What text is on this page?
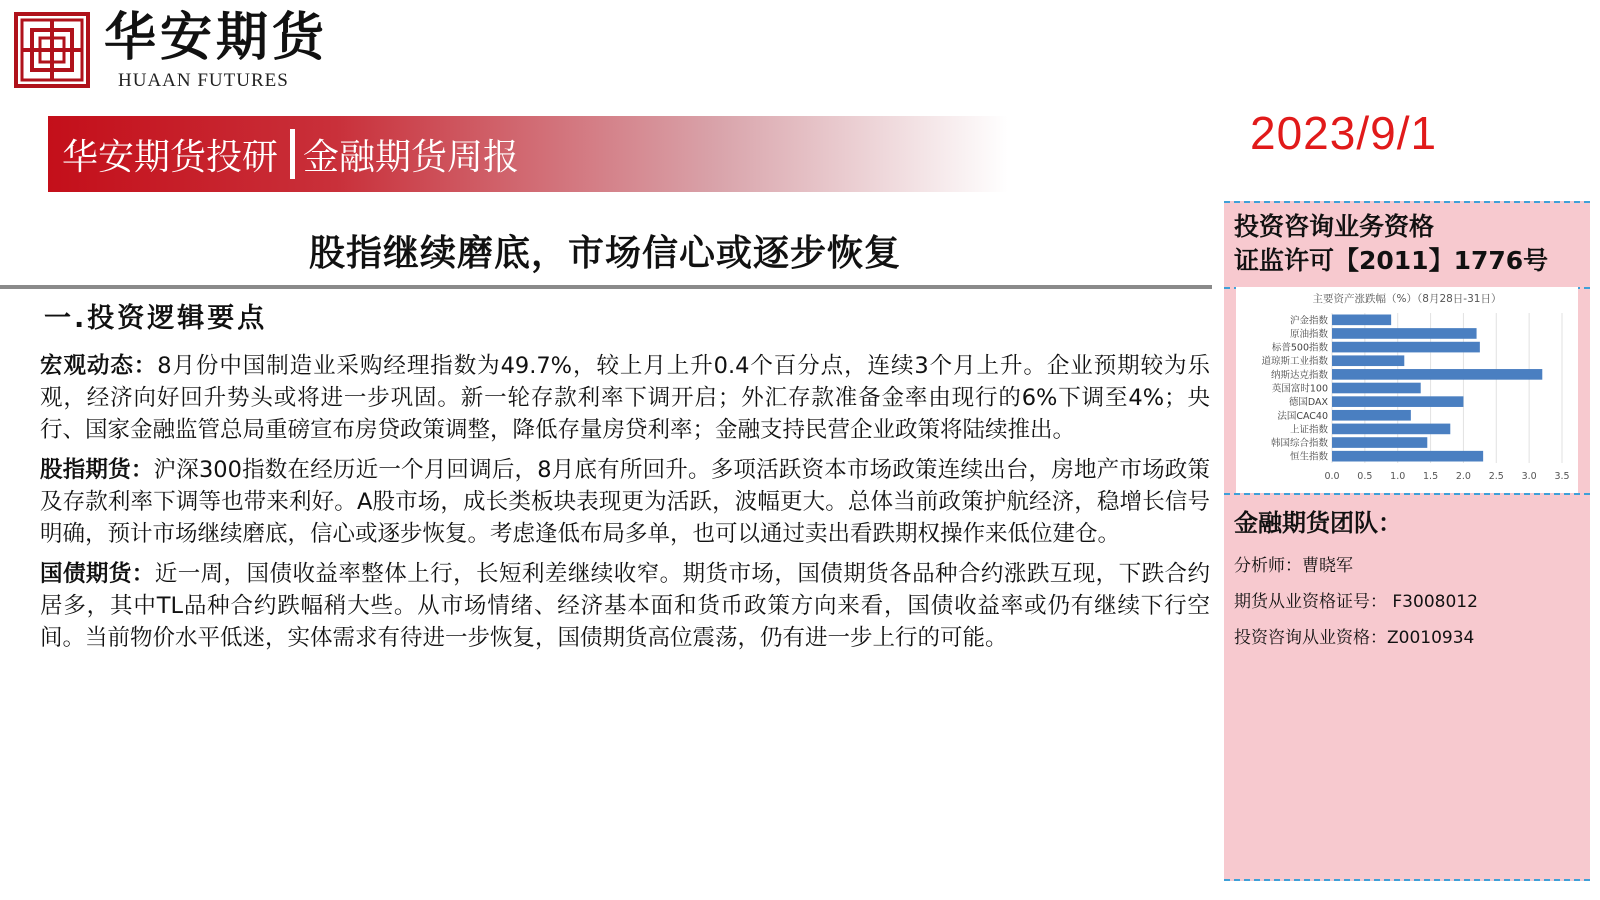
华安期货
HUAAN FUTURES
华安期货投研 金融期货周报	2023/9/1
股指继续磨底，市场信心或逐步恢复
一.投资逻辑要点

宏观动态：8月份中国制造业采购经理指数为49.7%，较上月上升0.4个百分点，连续3个月上升。企业预期较为乐观，经济向好回升势头或将进一步巩固。新一轮存款利率下调开启；外汇存款准备金率由现行的6%下调至4%；央行、国家金融监管总局重磅宣布房贷政策调整，降低存量房贷利率；金融支持民营企业政策将陆续推出。

股指期货：沪深300指数在经历近一个月回调后，8月底有所回升。多项活跃资本市场政策连续出台，房地产市场政策及存款利率下调等也带来利好。A股市场，成长类板块表现更为活跃，波幅更大。总体当前政策护航经济，稳增长信号明确，预计市场继续磨底，信心或逐步恢复。考虑逢低布局多单，也可以通过卖出看跌期权操作来低位建仓。

国债期货：近一周，国债收益率整体上行，长短利差继续收窄。期货市场，国债期货各品种合约涨跌互现，下跌合约居多，其中TL品种合约跌幅稍大些。从市场情绪、经济基本面和货币政策方向来看，国债收益率或仍有继续下行空间。当前物价水平低迷，实体需求有待进一步恢复，国债期货高位震荡，仍有进一步上行的可能。

投资咨询业务资格
证监许可【2011】1776号
主要资产涨跌幅（%）（8月28日-31日）
0.0 0.5 1.0 1.5 2.0 2.5 3.0 3.5
沪金指数
原油指数
标普500指数
道琼斯工业指数
纳斯达克指数
英国富时100
德国DAX
法国CAC40
上证指数
韩国综合指数
恒生指数
金融期货团队：
分析师：曹晓军
期货从业资格证号： F3008012
投资咨询从业资格：Z0010934
